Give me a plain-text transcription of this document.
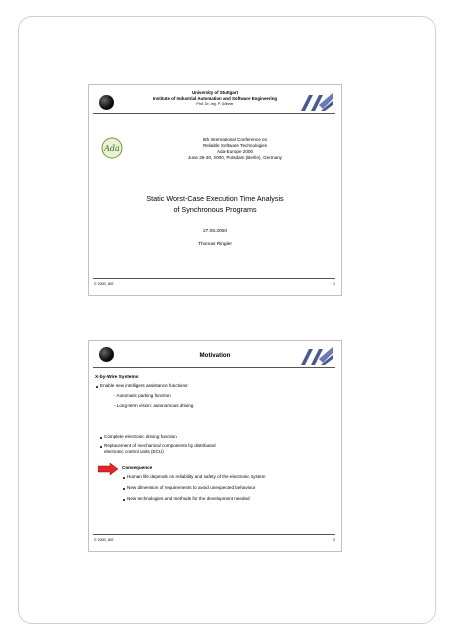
University of Stuttgart
Institute of Industrial Automation and Software Engineering
Prof. Dr.-Ing. P. Göhner
Ada
5th International Conference on
Reliable Software Technologies
Ada-Europe 2000
June 26-30, 2000, Potsdam (Berlin), Germany
Static Worst-Case Execution Time Analysis
of Synchronous Programs
27.06.2000
Thomas Ringler
© 2000, IAS	1
Motivation
X-by-Wire Systems
Enable new intelligent assistance functions:
- Automatic parking function
- Long-term vision: autonomous driving
Complete electronic driving function
Replacement of mechanical components by distributed
electronic control units (ECU)
Consequence
Human life depends on reliability and safety of the electronic system
New dimension of requirements to avoid unexpected behaviour
New technologies and methods for the development needed
© 2000, IAS	2
